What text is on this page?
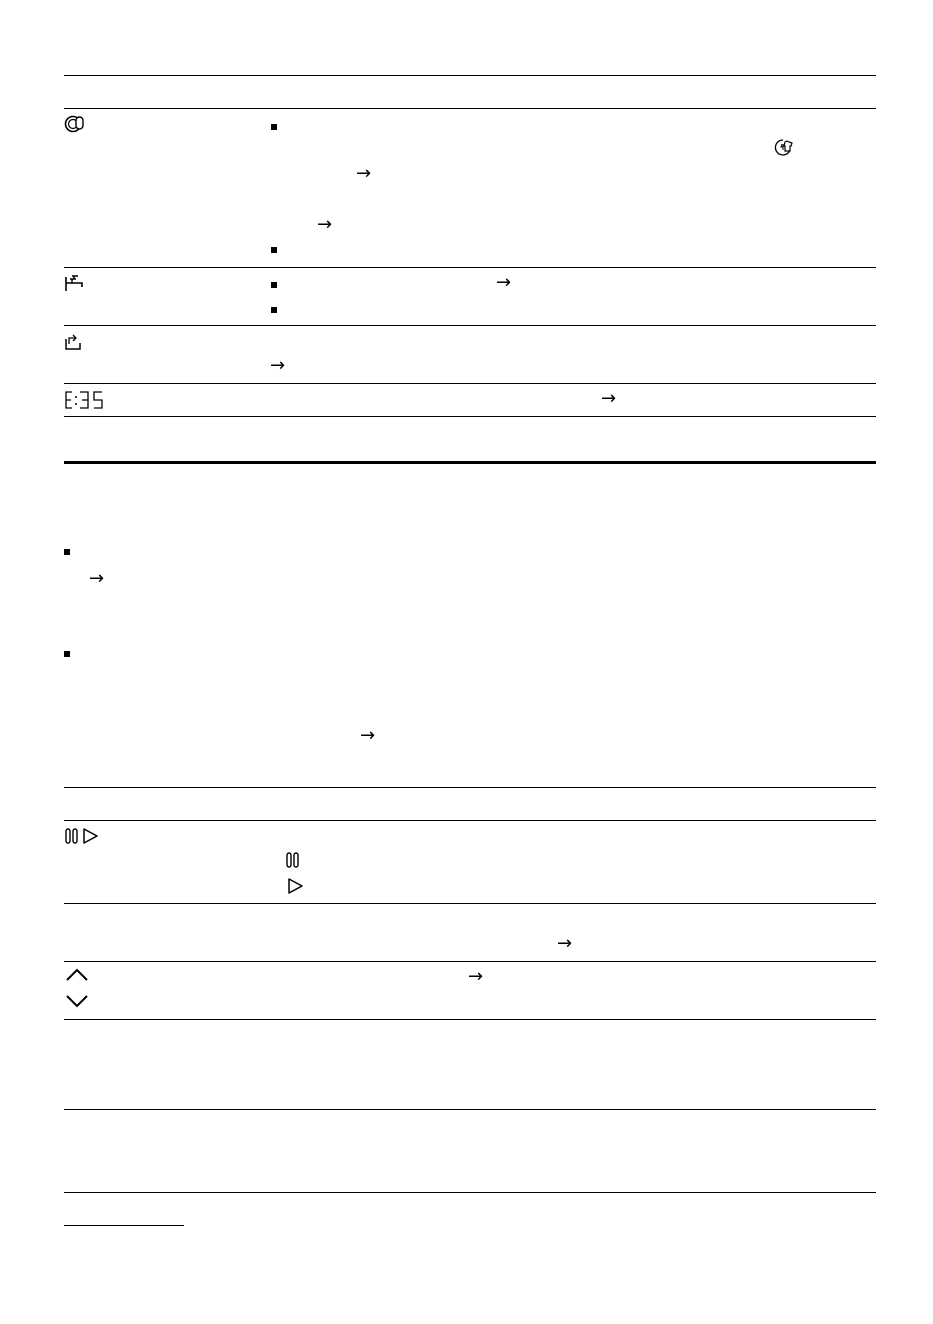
→
→
→
→
→
→
→
→
→
